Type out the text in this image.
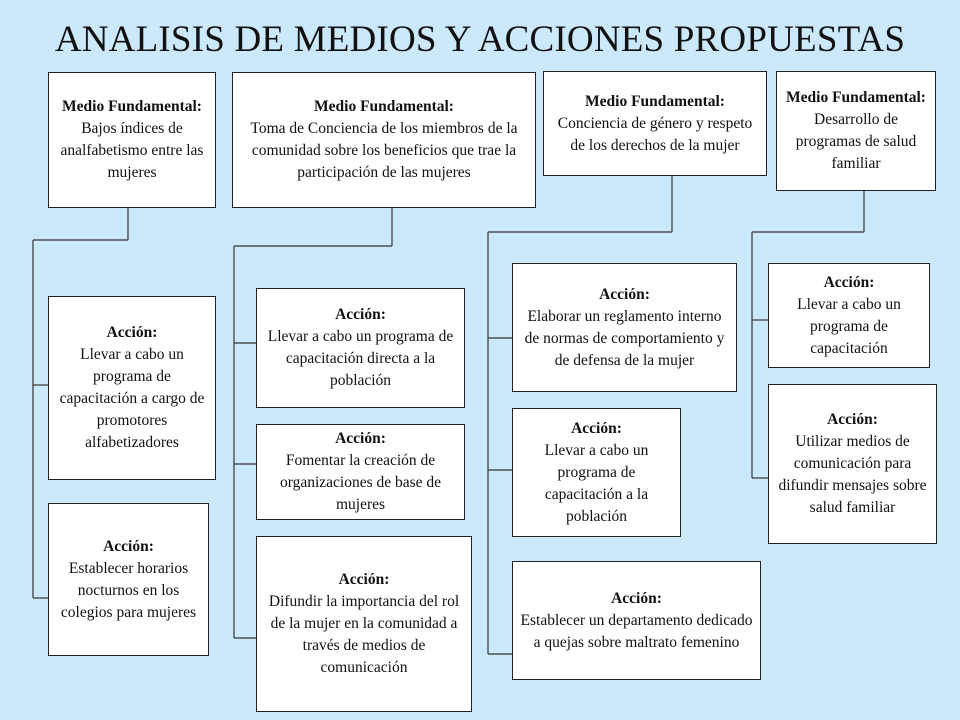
ANALISIS DE MEDIOS Y ACCIONES PROPUESTAS
Medio Fundamental:
Bajos índices de analfabetismo entre las mujeres
Acción:
Llevar a cabo un programa de capacitación a cargo de promotores alfabetizadores
Acción:
Establecer horarios nocturnos en los colegios para mujeres
Medio Fundamental:
Toma de Conciencia de los miembros de la comunidad sobre los beneficios que trae la participación de las mujeres
Acción:
Llevar a cabo un programa de capacitación directa a la población
Acción:
Fomentar la creación de organizaciones de base de mujeres
Acción:
Difundir la importancia del rol de la mujer en la comunidad a través de medios de comunicación
Medio Fundamental:
Conciencia de género y respeto de los derechos de la mujer
Acción:
Elaborar un reglamento interno de normas de comportamiento y de defensa de la mujer
Acción:
Llevar a cabo un programa de capacitación a la población
Acción:
Establecer un departamento dedicado a quejas sobre maltrato femenino
Medio Fundamental:
Desarrollo de programas de salud familiar
Acción:
Llevar a cabo un programa de capacitación
Acción:
Utilizar medios de comunicación para difundir mensajes sobre salud familiar
